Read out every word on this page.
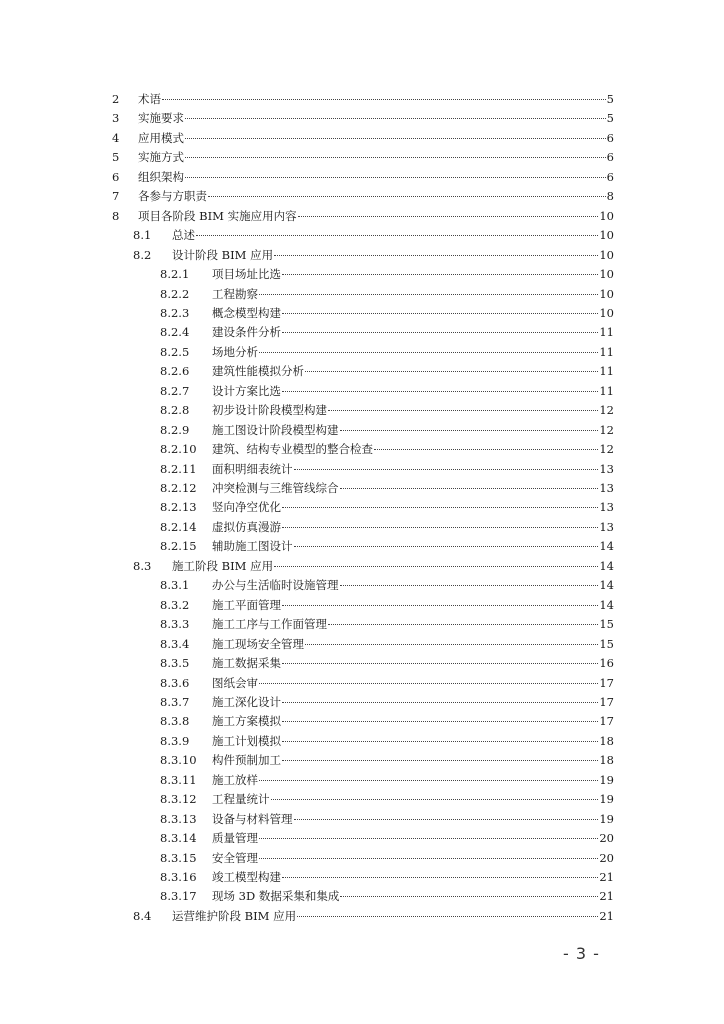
2 术语	5
3 实施要求	5
4 应用模式	6
5 实施方式	6
6 组织架构	6
7 各参与方职责	8
8 项目各阶段 BIM 实施应用内容	10
8.1 总述	10
8.2 设计阶段 BIM 应用	10
8.2.1 项目场址比选	10
8.2.2 工程勘察	10
8.2.3 概念模型构建	10
8.2.4 建设条件分析	11
8.2.5 场地分析	11
8.2.6 建筑性能模拟分析	11
8.2.7 设计方案比选	11
8.2.8 初步设计阶段模型构建	12
8.2.9 施工图设计阶段模型构建	12
8.2.10 建筑、结构专业模型的整合检查	12
8.2.11 面积明细表统计	13
8.2.12 冲突检测与三维管线综合	13
8.2.13 竖向净空优化	13
8.2.14 虚拟仿真漫游	13
8.2.15 辅助施工图设计	14
8.3 施工阶段 BIM 应用	14
8.3.1 办公与生活临时设施管理	14
8.3.2 施工平面管理	14
8.3.3 施工工序与工作面管理	15
8.3.4 施工现场安全管理	15
8.3.5 施工数据采集	16
8.3.6 图纸会审	17
8.3.7 施工深化设计	17
8.3.8 施工方案模拟	17
8.3.9 施工计划模拟	18
8.3.10 构件预制加工	18
8.3.11 施工放样	19
8.3.12 工程量统计	19
8.3.13 设备与材料管理	19
8.3.14 质量管理	20
8.3.15 安全管理	20
8.3.16 竣工模型构建	21
8.3.17 现场 3D 数据采集和集成	21
8.4 运营维护阶段 BIM 应用	21
- 3 -
